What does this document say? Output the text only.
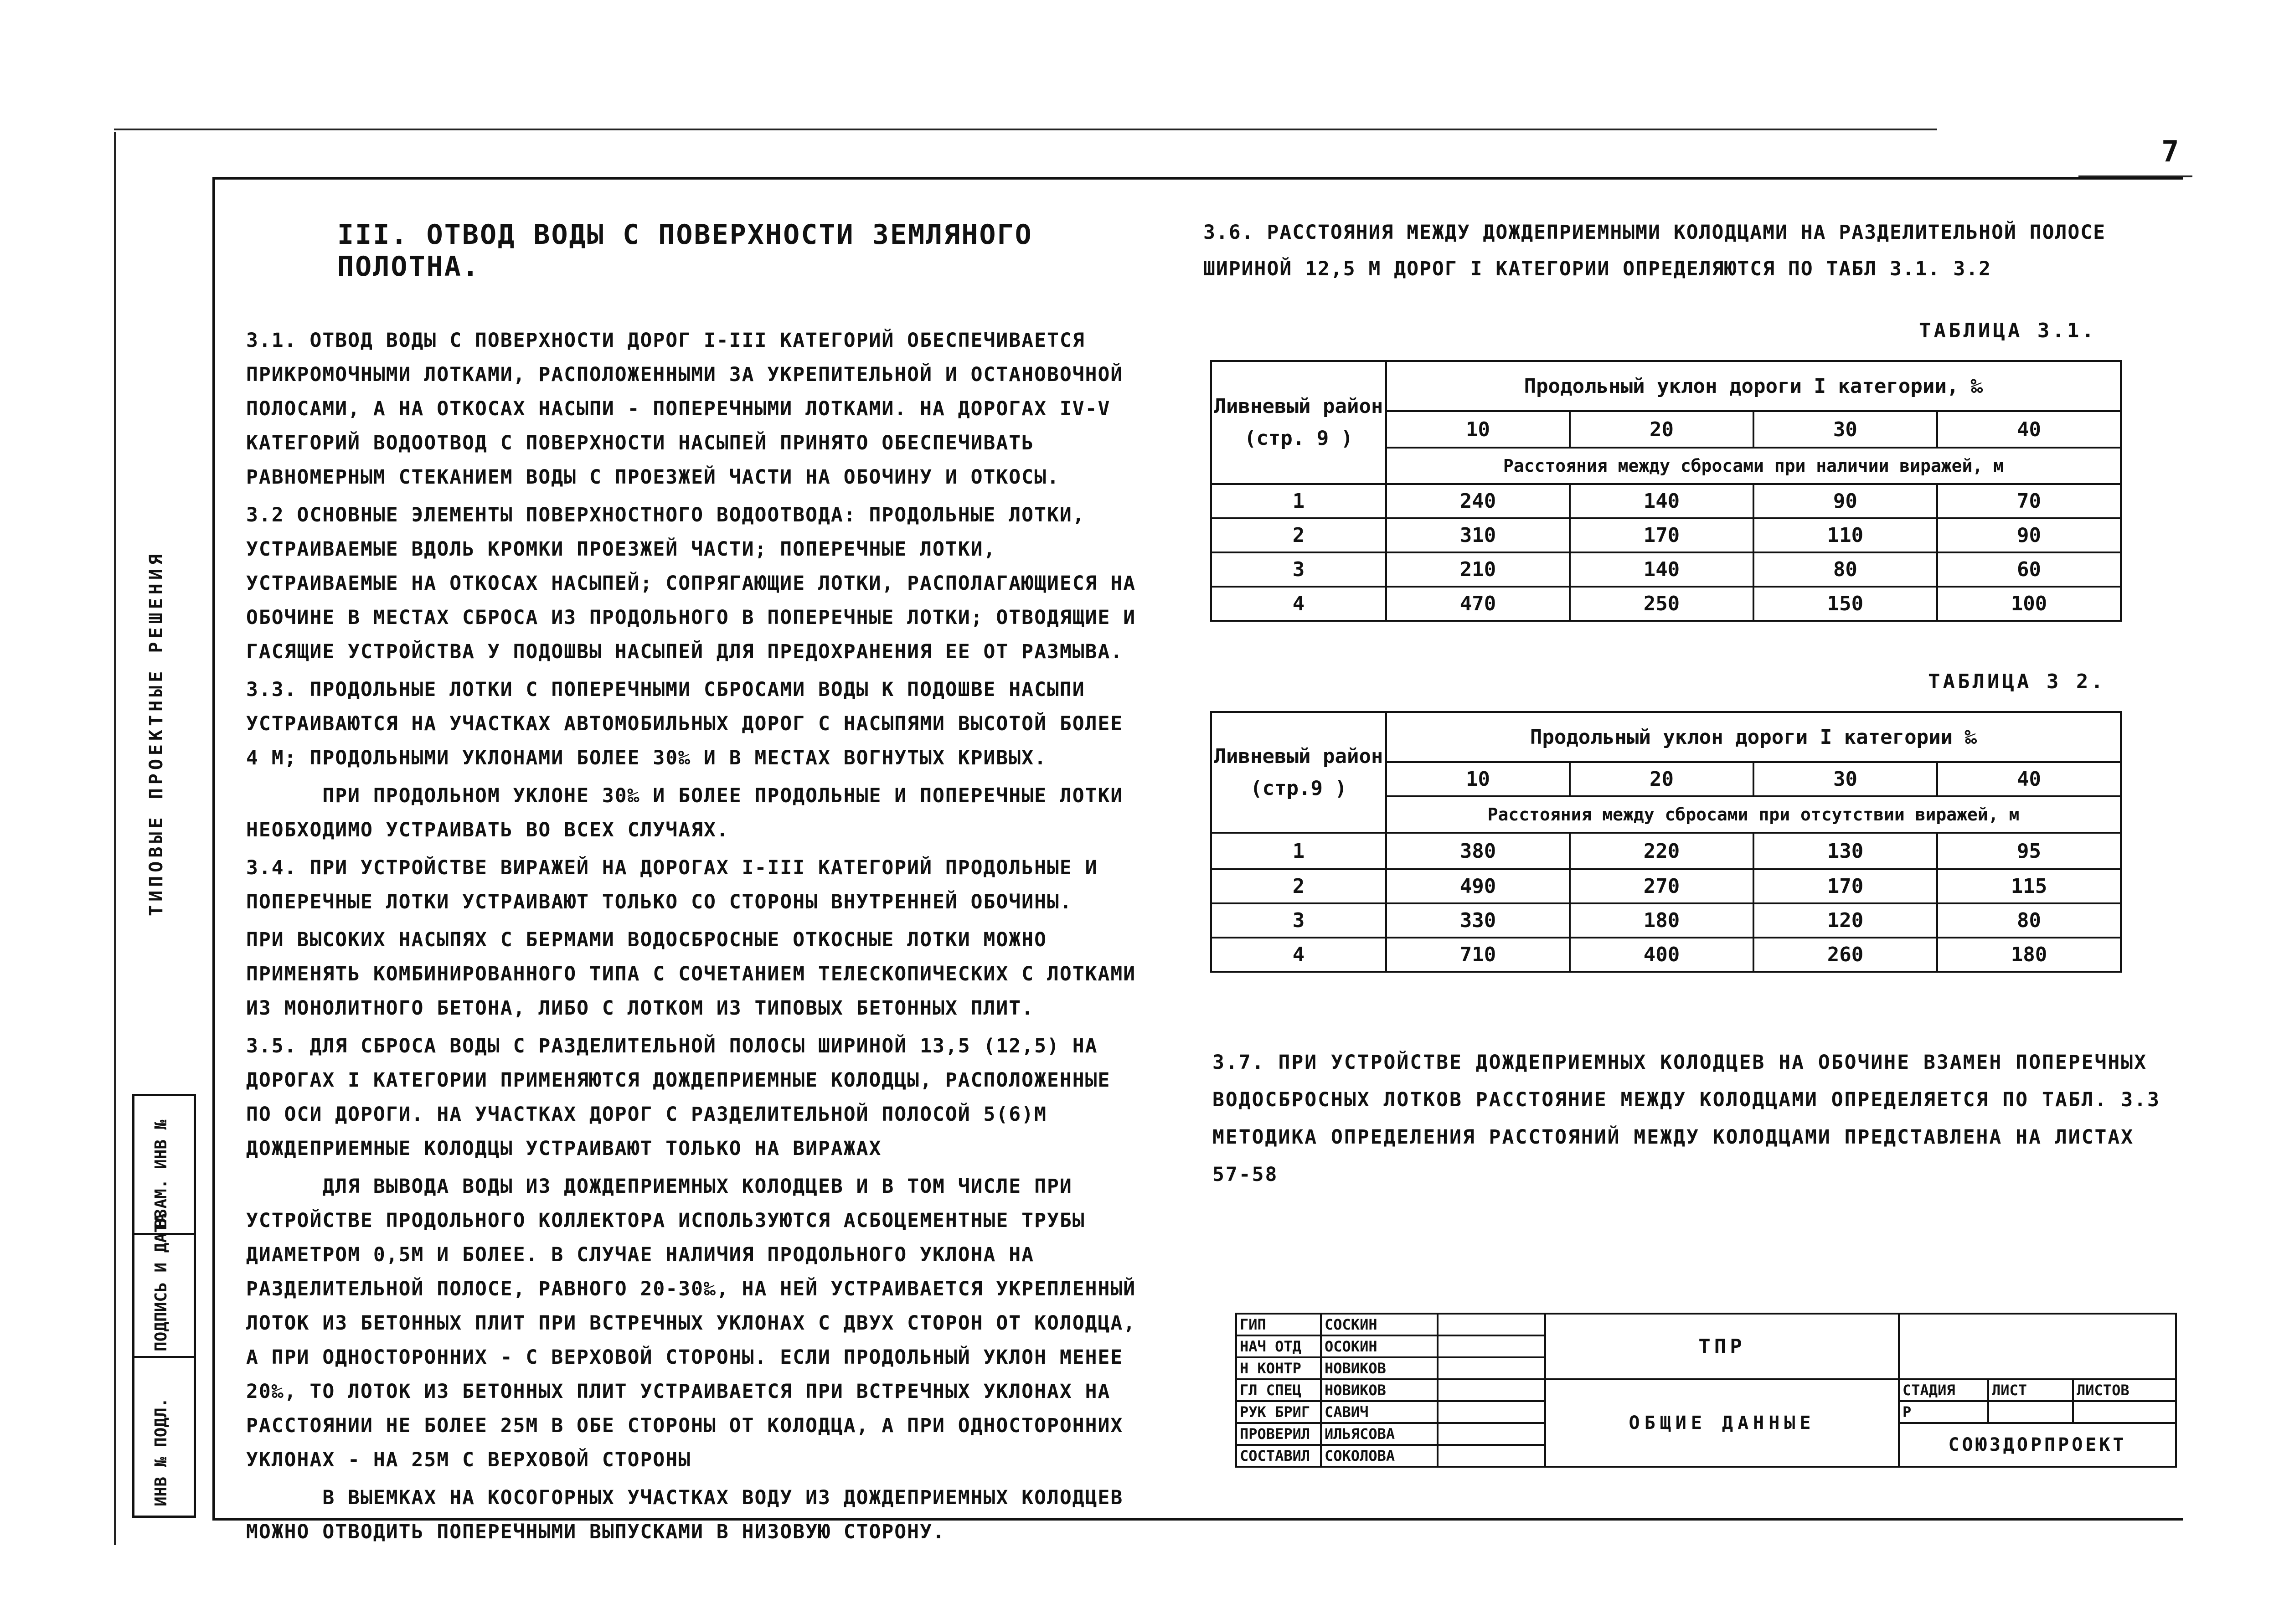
7
ТИПОВЫЕ ПРОЕКТНЫЕ РЕШЕНИЯ
ИНВ № ПОДЛ.
ПОДПИСЬ И ДАТА
ВЗАМ. ИНВ №
III. ОТВОД ВОДЫ С ПОВЕРХНОСТИ ЗЕМЛЯНОГО ПОЛОТНА.

3.1. ОТВОД ВОДЫ С ПОВЕРХНОСТИ ДОРОГ I-III КАТЕГОРИЙ ОБЕСПЕЧИВАЕТСЯ ПРИКРОМОЧНЫМИ ЛОТКАМИ, РАСПОЛОЖЕННЫМИ ЗА УКРЕПИТЕЛЬНОЙ И ОСТАНОВОЧНОЙ ПОЛОСАМИ, А НА ОТКОСАХ НАСЫПИ - ПОПЕРЕЧНЫМИ ЛОТКАМИ. НА ДОРОГАХ IV-V КАТЕГОРИЙ ВОДООТВОД С ПОВЕРХНОСТИ НАСЫПЕЙ ПРИНЯТО ОБЕСПЕЧИВАТЬ РАВНОМЕРНЫМ СТЕКАНИЕМ ВОДЫ С ПРОЕЗЖЕЙ ЧАСТИ НА ОБОЧИНУ И ОТКОСЫ.

3.2 ОСНОВНЫЕ ЭЛЕМЕНТЫ ПОВЕРХНОСТНОГО ВОДООТВОДА: ПРОДОЛЬНЫЕ ЛОТКИ, УСТРАИВАЕМЫЕ ВДОЛЬ КРОМКИ ПРОЕЗЖЕЙ ЧАСТИ; ПОПЕРЕЧНЫЕ ЛОТКИ, УСТРАИВАЕМЫЕ НА ОТКОСАХ НАСЫПЕЙ; СОПРЯГАЮЩИЕ ЛОТКИ, РАСПОЛАГАЮЩИЕСЯ НА ОБОЧИНЕ В МЕСТАХ СБРОСА ИЗ ПРОДОЛЬНОГО В ПОПЕРЕЧНЫЕ ЛОТКИ; ОТВОДЯЩИЕ И ГАСЯЩИЕ УСТРОЙСТВА У ПОДОШВЫ НАСЫПЕЙ ДЛЯ ПРЕДОХРАНЕНИЯ ЕЕ ОТ РАЗМЫВА.

3.3. ПРОДОЛЬНЫЕ ЛОТКИ С ПОПЕРЕЧНЫМИ СБРОСАМИ ВОДЫ К ПОДОШВЕ НАСЫПИ УСТРАИВАЮТСЯ НА УЧАСТКАХ АВТОМОБИЛЬНЫХ ДОРОГ С НАСЫПЯМИ ВЫСОТОЙ БОЛЕЕ 4 М; ПРОДОЛЬНЫМИ УКЛОНАМИ БОЛЕЕ 30‰ И В МЕСТАХ ВОГНУТЫХ КРИВЫХ.

ПРИ ПРОДОЛЬНОМ УКЛОНЕ 30‰ И БОЛЕЕ ПРОДОЛЬНЫЕ И ПОПЕРЕЧНЫЕ ЛОТКИ НЕОБХОДИМО УСТРАИВАТЬ ВО ВСЕХ СЛУЧАЯХ.

3.4. ПРИ УСТРОЙСТВЕ ВИРАЖЕЙ НА ДОРОГАХ I-III КАТЕГОРИЙ ПРОДОЛЬНЫЕ И ПОПЕРЕЧНЫЕ ЛОТКИ УСТРАИВАЮТ ТОЛЬКО СО СТОРОНЫ ВНУТРЕННЕЙ ОБОЧИНЫ.

ПРИ ВЫСОКИХ НАСЫПЯХ С БЕРМАМИ ВОДОСБРОСНЫЕ ОТКОСНЫЕ ЛОТКИ МОЖНО ПРИМЕНЯТЬ КОМБИНИРОВАННОГО ТИПА С СОЧЕТАНИЕМ ТЕЛЕСКОПИЧЕСКИХ С ЛОТКАМИ ИЗ МОНОЛИТНОГО БЕТОНА, ЛИБО С ЛОТКОМ ИЗ ТИПОВЫХ БЕТОННЫХ ПЛИТ.

3.5. ДЛЯ СБРОСА ВОДЫ С РАЗДЕЛИТЕЛЬНОЙ ПОЛОСЫ ШИРИНОЙ 13,5 (12,5) НА ДОРОГАХ I КАТЕГОРИИ ПРИМЕНЯЮТСЯ ДОЖДЕПРИЕМНЫЕ КОЛОДЦЫ, РАСПОЛОЖЕННЫЕ ПО ОСИ ДОРОГИ. НА УЧАСТКАХ ДОРОГ С РАЗДЕЛИТЕЛЬНОЙ ПОЛОСОЙ 5(6)М ДОЖДЕПРИЕМНЫЕ КОЛОДЦЫ УСТРАИВАЮТ ТОЛЬКО НА ВИРАЖАХ

ДЛЯ ВЫВОДА ВОДЫ ИЗ ДОЖДЕПРИЕМНЫХ КОЛОДЦЕВ И В ТОМ ЧИСЛЕ ПРИ УСТРОЙСТВЕ ПРОДОЛЬНОГО КОЛЛЕКТОРА ИСПОЛЬЗУЮТСЯ АСБОЦЕМЕНТНЫЕ ТРУБЫ ДИАМЕТРОМ 0,5М И БОЛЕЕ. В СЛУЧАЕ НАЛИЧИЯ ПРОДОЛЬНОГО УКЛОНА НА РАЗДЕЛИТЕЛЬНОЙ ПОЛОСЕ, РАВНОГО 20-30‰, НА НЕЙ УСТРАИВАЕТСЯ УКРЕПЛЕННЫЙ ЛОТОК ИЗ БЕТОННЫХ ПЛИТ ПРИ ВСТРЕЧНЫХ УКЛОНАХ С ДВУХ СТОРОН ОТ КОЛОДЦА, А ПРИ ОДНОСТОРОННИХ - С ВЕРХОВОЙ СТОРОНЫ. ЕСЛИ ПРОДОЛЬНЫЙ УКЛОН МЕНЕЕ 20‰, ТО ЛОТОК ИЗ БЕТОННЫХ ПЛИТ УСТРАИВАЕТСЯ ПРИ ВСТРЕЧНЫХ УКЛОНАХ НА РАССТОЯНИИ НЕ БОЛЕЕ 25М В ОБЕ СТОРОНЫ ОТ КОЛОДЦА, А ПРИ ОДНОСТОРОННИХ УКЛОНАХ - НА 25М С ВЕРХОВОЙ СТОРОНЫ

В ВЫЕМКАХ НА КОСОГОРНЫХ УЧАСТКАХ ВОДУ ИЗ ДОЖДЕПРИЕМНЫХ КОЛОДЦЕВ МОЖНО ОТВОДИТЬ ПОПЕРЕЧНЫМИ ВЫПУСКАМИ В НИЗОВУЮ СТОРОНУ.

3.6. РАССТОЯНИЯ МЕЖДУ ДОЖДЕПРИЕМНЫМИ КОЛОДЦАМИ НА РАЗДЕЛИТЕЛЬНОЙ ПОЛОСЕ

ШИРИНОЙ 12,5 М ДОРОГ I КАТЕГОРИИ ОПРЕДЕЛЯЮТСЯ ПО ТАБЛ 3.1. 3.2

ТАБЛИЦА 3.1.
Ливневый район (стр. 9 )	Продольный уклон дороги I категории, ‰			
	10	20	30	40
	Расстояния между сбросами при наличии виражей, м			
1	240	140	90	70
2	310	170	110	90
3	210	140	80	60
4	470	250	150	100
ТАБЛИЦА 3 2.
Ливневый район (стр.9 )	Продольный уклон дороги I категории ‰			
	10	20	30	40
	Расстояния между сбросами при отсутствии виражей, м			
1	380	220	130	95
2	490	270	170	115
3	330	180	120	80
4	710	400	260	180

3.7. ПРИ УСТРОЙСТВЕ ДОЖДЕПРИЕМНЫХ КОЛОДЦЕВ НА ОБОЧИНЕ ВЗАМЕН ПОПЕРЕЧНЫХ

ВОДОСБРОСНЫХ ЛОТКОВ РАССТОЯНИЕ МЕЖДУ КОЛОДЦАМИ ОПРЕДЕЛЯЕТСЯ ПО ТАБЛ. 3.3

МЕТОДИКА ОПРЕДЕЛЕНИЯ РАССТОЯНИЙ МЕЖДУ КОЛОДЦАМИ ПРЕДСТАВЛЕНА НА ЛИСТАХ 57-58

ГИП	СОСКИН		ТПР			
НАЧ ОТД	ОСОКИН					
Н КОНТР	НОВИКОВ					
ГЛ СПЕЦ	НОВИКОВ		ОБЩИЕ ДАННЫЕ	СТАДИЯ	ЛИСТ	ЛИСТОВ
РУК БРИГ	САВИЧ			Р		
ПРОВЕРИЛ	ИЛЬЯСОВА			СОЮЗДОРПРОЕКТ		
СОСТАВИЛ	СОКОЛОВА					
